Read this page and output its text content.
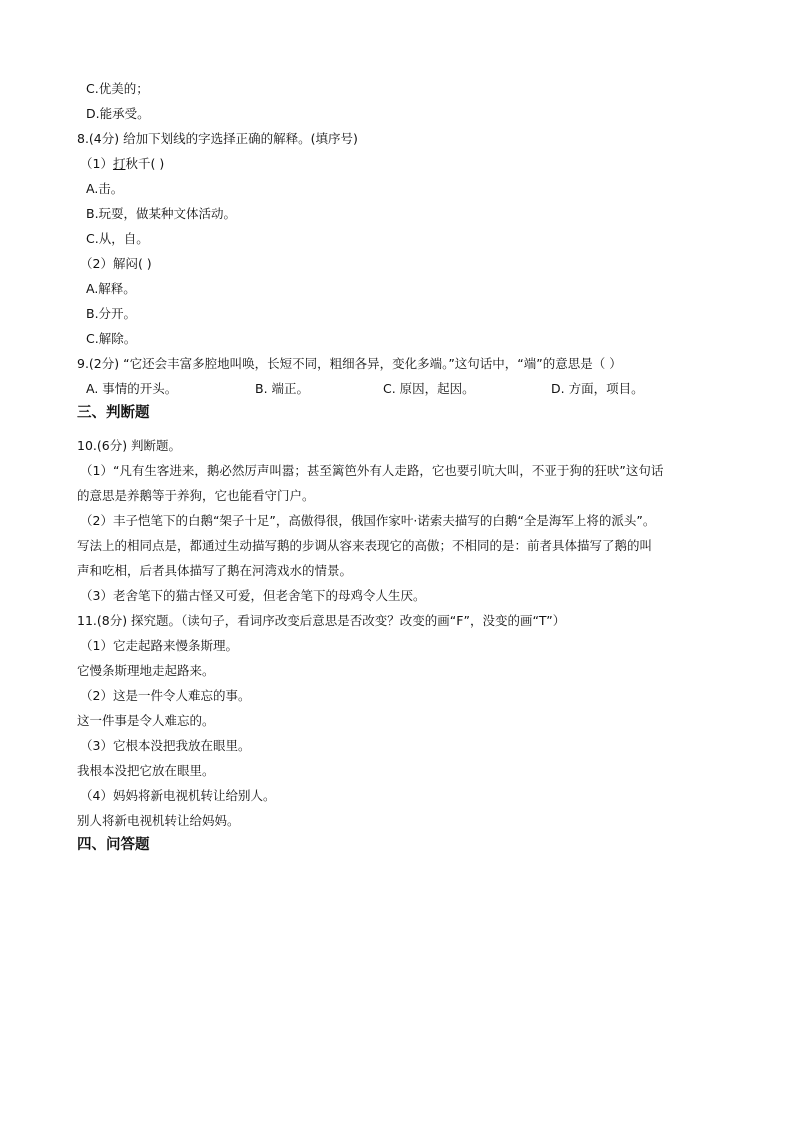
C.优美的；
D.能承受。
8.(4分) 给加下划线的字选择正确的解释。(填序号)
（1）打秋千( )
A.击。
B.玩耍，做某种文体活动。
C.从，自。
（2）解闷( )
A.解释。
B.分开。
C.解除。
9.(2分) “它还会丰富多腔地叫唤，长短不同，粗细各异，变化多端。”这句话中，“端”的意思是（ ）
A. 事情的开头。	B. 端正。	C. 原因，起因。	D. 方面，项目。
三、判断题
10.(6分) 判断题。
（1）“凡有生客进来，鹅必然厉声叫嚣；甚至篱笆外有人走路，它也要引吭大叫，不亚于狗的狂吠”这句话
的意思是养鹅等于养狗，它也能看守门户。
（2）丰子恺笔下的白鹅“架子十足”，高傲得很，俄国作家叶·诺索夫描写的白鹅“全是海军上将的派头”。
写法上的相同点是，都通过生动描写鹅的步调从容来表现它的高傲；不相同的是：前者具体描写了鹅的叫
声和吃相，后者具体描写了鹅在河湾戏水的情景。
（3）老舍笔下的猫古怪又可爱，但老舍笔下的母鸡令人生厌。
11.(8分) 探究题。（读句子，看词序改变后意思是否改变？改变的画“F”，没变的画“T”）
（1）它走起路来慢条斯理。
它慢条斯理地走起路来。
（2）这是一件令人难忘的事。
这一件事是令人难忘的。
（3）它根本没把我放在眼里。
我根本没把它放在眼里。
（4）妈妈将新电视机转让给别人。
别人将新电视机转让给妈妈。
四、问答题
